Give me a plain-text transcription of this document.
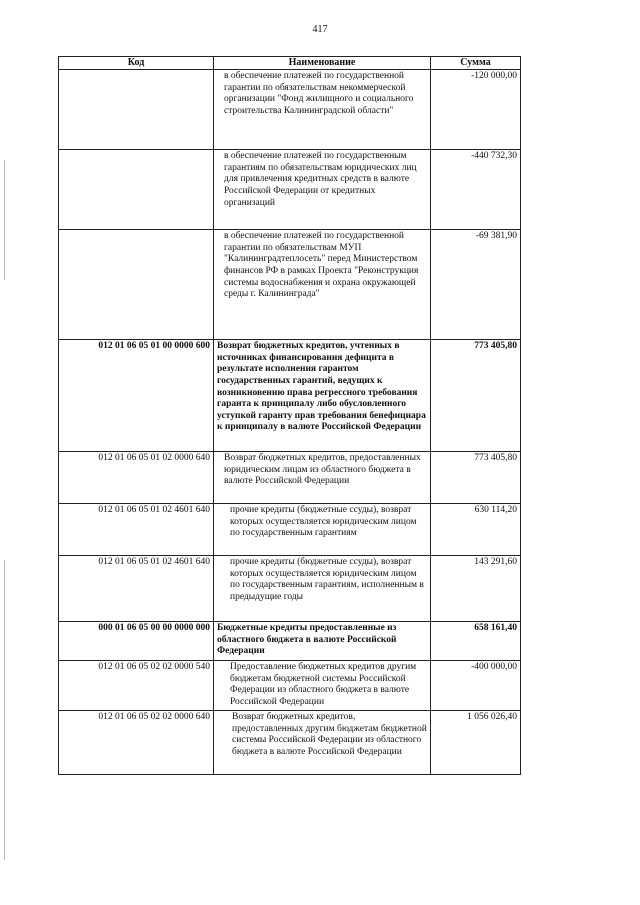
417
Код	Наименование	Сумма
	в обеспечение платежей по государственной гарантии по обязательствам некоммерческой организации "Фонд жилищного и социального строительства Калининградской области"	-120 000,00
	в обеспечение платежей по государственным гарантиям по обязательствам юридических лиц для привлечения кредитных средств в валюте Российской Федерации от кредитных организаций	-440 732,30
	в обеспечение платежей по государственной гарантии по обязательствам МУП "Калининградтеплосеть" перед Министерством финансов РФ в рамках Проекта "Реконструкция системы водоснабжения и охрана окружающей среды г. Калининграда"	-69 381,90
012 01 06 05 01 00 0000 600	Возврат бюджетных кредитов, учтенных в источниках финансирования дефицита в результате исполнения гарантом государственных гарантий, ведущих к возникновению права регрессного требования гаранта к принципалу либо обусловленного уступкой гаранту прав требования бенефициара к принципалу в валюте Российской Федерации	773 405,80
012 01 06 05 01 02 0000 640	Возврат бюджетных кредитов, предоставленных юридическим лицам из областного бюджета в валюте Российской Федерации	773 405,80
012 01 06 05 01 02 4601 640	прочие кредиты (бюджетные ссуды), возврат которых осуществляется юридическим лицом по государственным гарантиям	630 114,20
012 01 06 05 01 02 4601 640	прочие кредиты (бюджетные ссуды), возврат которых осуществляется юридическим лицом по государственным гарантиям, исполненным в предыдущие годы	143 291,60
000 01 06 05 00 00 0000 000	Бюджетные кредиты предоставленные из областного бюджета в валюте Российской Федерации	658 161,40
012 01 06 05 02 02 0000 540	Предоставление бюджетных кредитов другим бюджетам бюджетной системы Российской Федерации из областного бюджета в валюте Российской Федерации	-400 000,00
012 01 06 05 02 02 0000 640	Возврат бюджетных кредитов, предоставленных другим бюджетам бюджетной системы Российской Федерации из областного бюджета в валюте Российской Федерации	1 056 026,40
